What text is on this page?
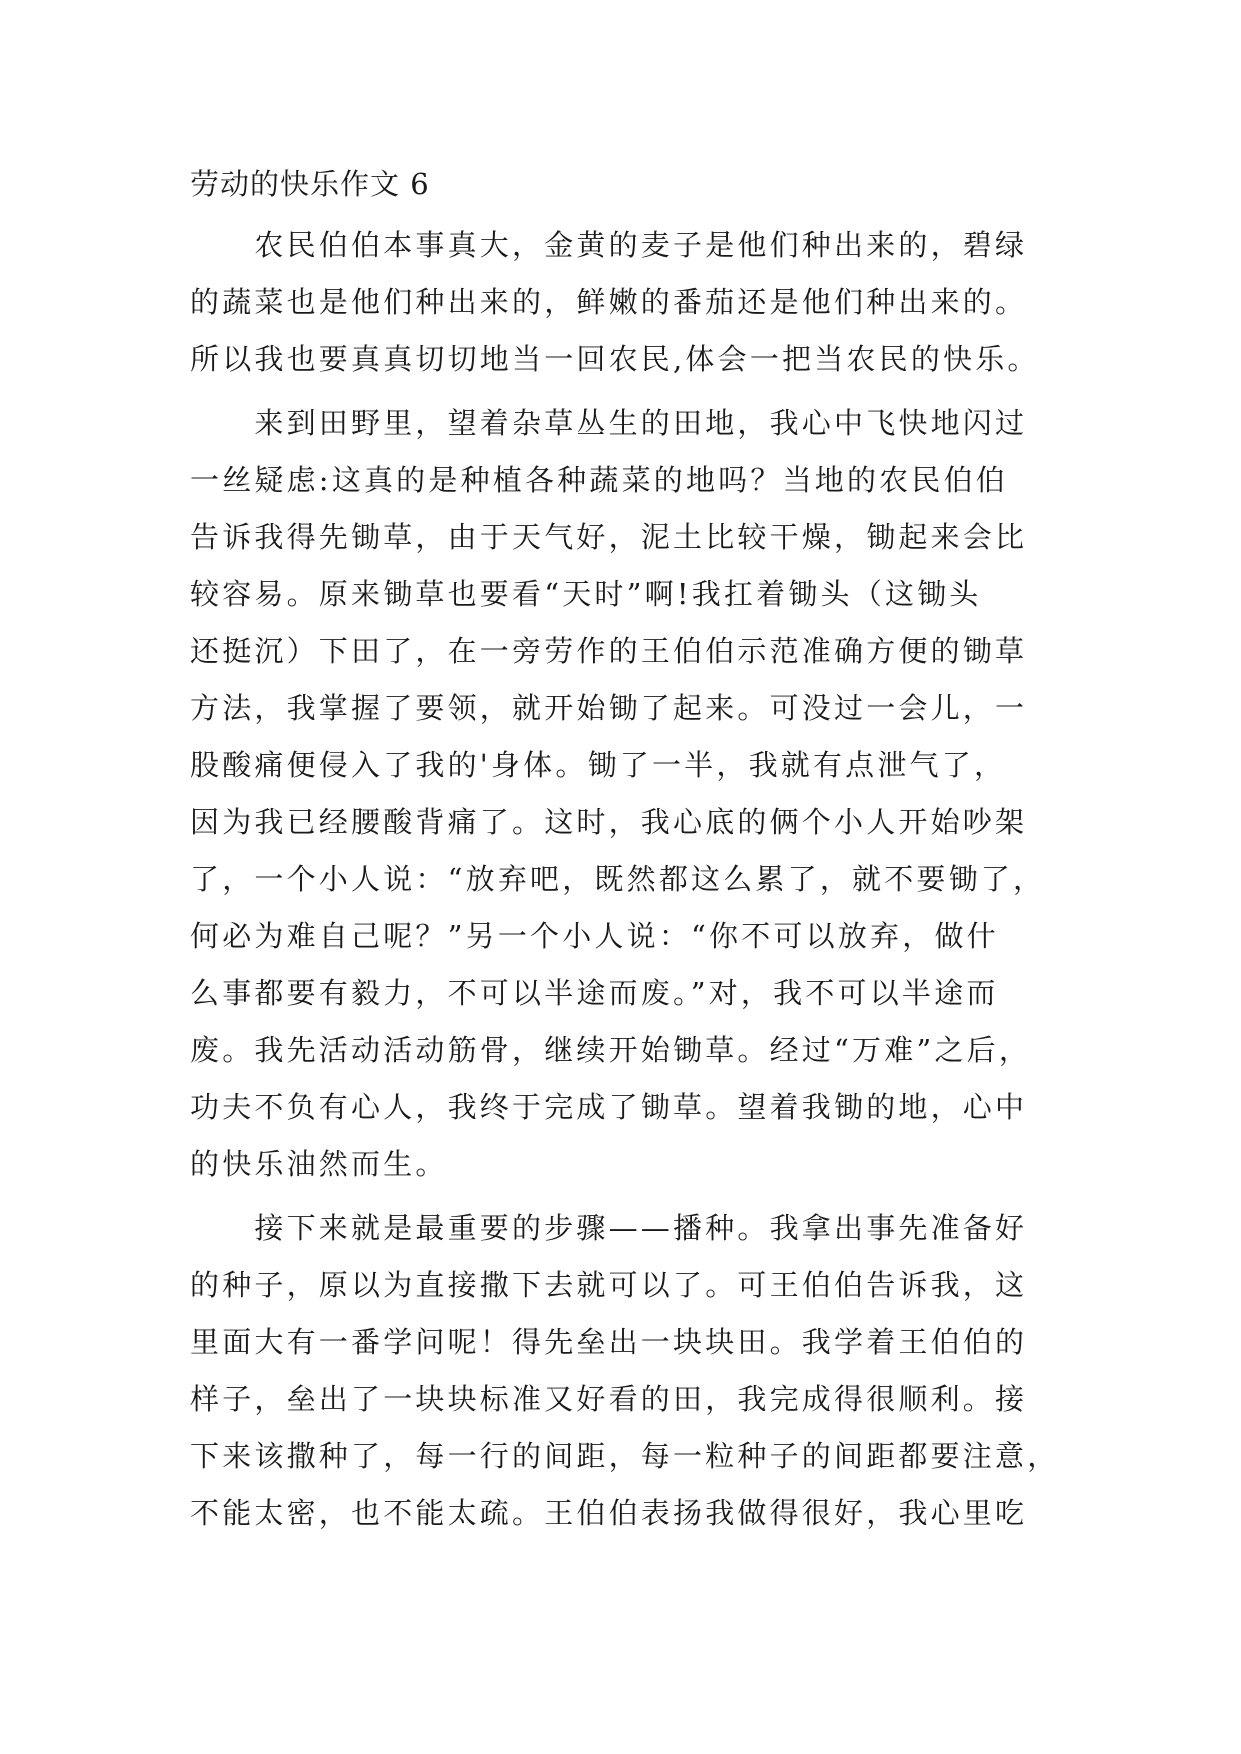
劳动的快乐作文 6
　　农民伯伯本事真大，金黄的麦子是他们种出来的，碧绿
的蔬菜也是他们种出来的，鲜嫩的番茄还是他们种出来的。
所以我也要真真切切地当一回农民,体会一把当农民的快乐。
　　来到田野里，望着杂草丛生的田地，我心中飞快地闪过
一丝疑虑:这真的是种植各种蔬菜的地吗？当地的农民伯伯
告诉我得先锄草，由于天气好，泥土比较干燥，锄起来会比
较容易。原来锄草也要看“天时”啊!我扛着锄头（这锄头
还挺沉）下田了，在一旁劳作的王伯伯示范准确方便的锄草
方法，我掌握了要领，就开始锄了起来。可没过一会儿，一
股酸痛便侵入了我的'身体。锄了一半，我就有点泄气了，
因为我已经腰酸背痛了。这时，我心底的俩个小人开始吵架
了，一个小人说：“放弃吧，既然都这么累了，就不要锄了，
何必为难自己呢？”另一个小人说：“你不可以放弃，做什
么事都要有毅力，不可以半途而废。”对，我不可以半途而
废。我先活动活动筋骨，继续开始锄草。经过“万难”之后，
功夫不负有心人，我终于完成了锄草。望着我锄的地，心中
的快乐油然而生。
　　接下来就是最重要的步骤——播种。我拿出事先准备好
的种子，原以为直接撒下去就可以了。可王伯伯告诉我，这
里面大有一番学问呢！得先垒出一块块田。我学着王伯伯的
样子，垒出了一块块标准又好看的田，我完成得很顺利。接
下来该撒种了，每一行的间距，每一粒种子的间距都要注意，
不能太密，也不能太疏。王伯伯表扬我做得很好，我心里吃
